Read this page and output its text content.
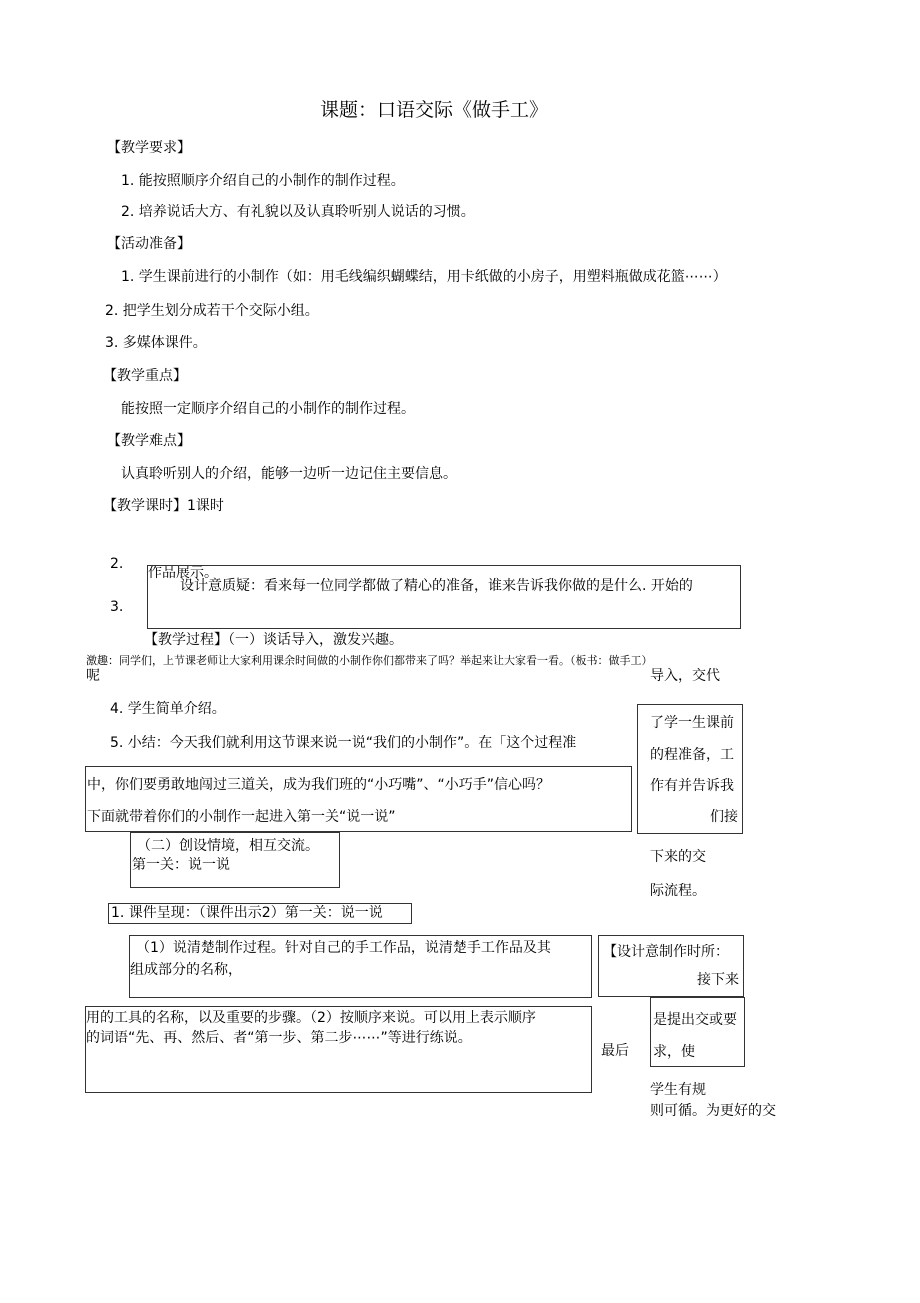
课题：口语交际《做手工》
【教学要求】
1. 能按照顺序介绍自己的小制作的制作过程。
2. 培养说话大方、有礼貌以及认真聆听别人说话的习惯。
【活动准备】
1. 学生课前进行的小制作（如：用毛线编织蝴蝶结，用卡纸做的小房子，用塑料瓶做成花篮⋯⋯）
2. 把学生划分成若干个交际小组。
3. 多媒体课件。
【教学重点】
能按照一定顺序介绍自己的小制作的制作过程。
【教学难点】
认真聆听别人的介绍，能够一边听一边记住主要信息。
【教学课时】1课时
2.
作品展示。
设计意质疑：看来每一位同学都做了精心的准备，谁来告诉我你做的是什么. 开始的
3.
【教学过程】（一）谈话导入，激发兴趣。
激趣：同学们，上节课老师让大家利用课余时间做的小制作你们都带来了吗？举起来让大家看一看。（板书：做手工）
呢	导入，交代
4. 学生简单介绍。
5. 小结：今天我们就利用这节课来说一说“我们的小制作”。在「这个过程准
中，你们要勇敢地闯过三道关，成为我们班的“小巧嘴”、“小巧手”信心吗？
下面就带着你们的小制作一起进入第一关“说一说”
了学一生课前
的程准备，工
作有并告诉我
们接
下来的交
际流程。
（二）创设情境，相互交流。
第一关：说一说
1. 课件呈现：（课件出示2）第一关：说一说
（1）说清楚制作过程。针对自己的手工作品，说清楚手工作品及其
组成部分的名称，
【设计意制作时所：
接下来
用的工具的名称，以及重要的步骤。（2）按顺序来说。可以用上表示顺序
的词语“先、再、然后、者“第一步、第二步⋯⋯”等进行练说。
最后
是提出交或要
求，使
学生有规
则可循。为更好的交
